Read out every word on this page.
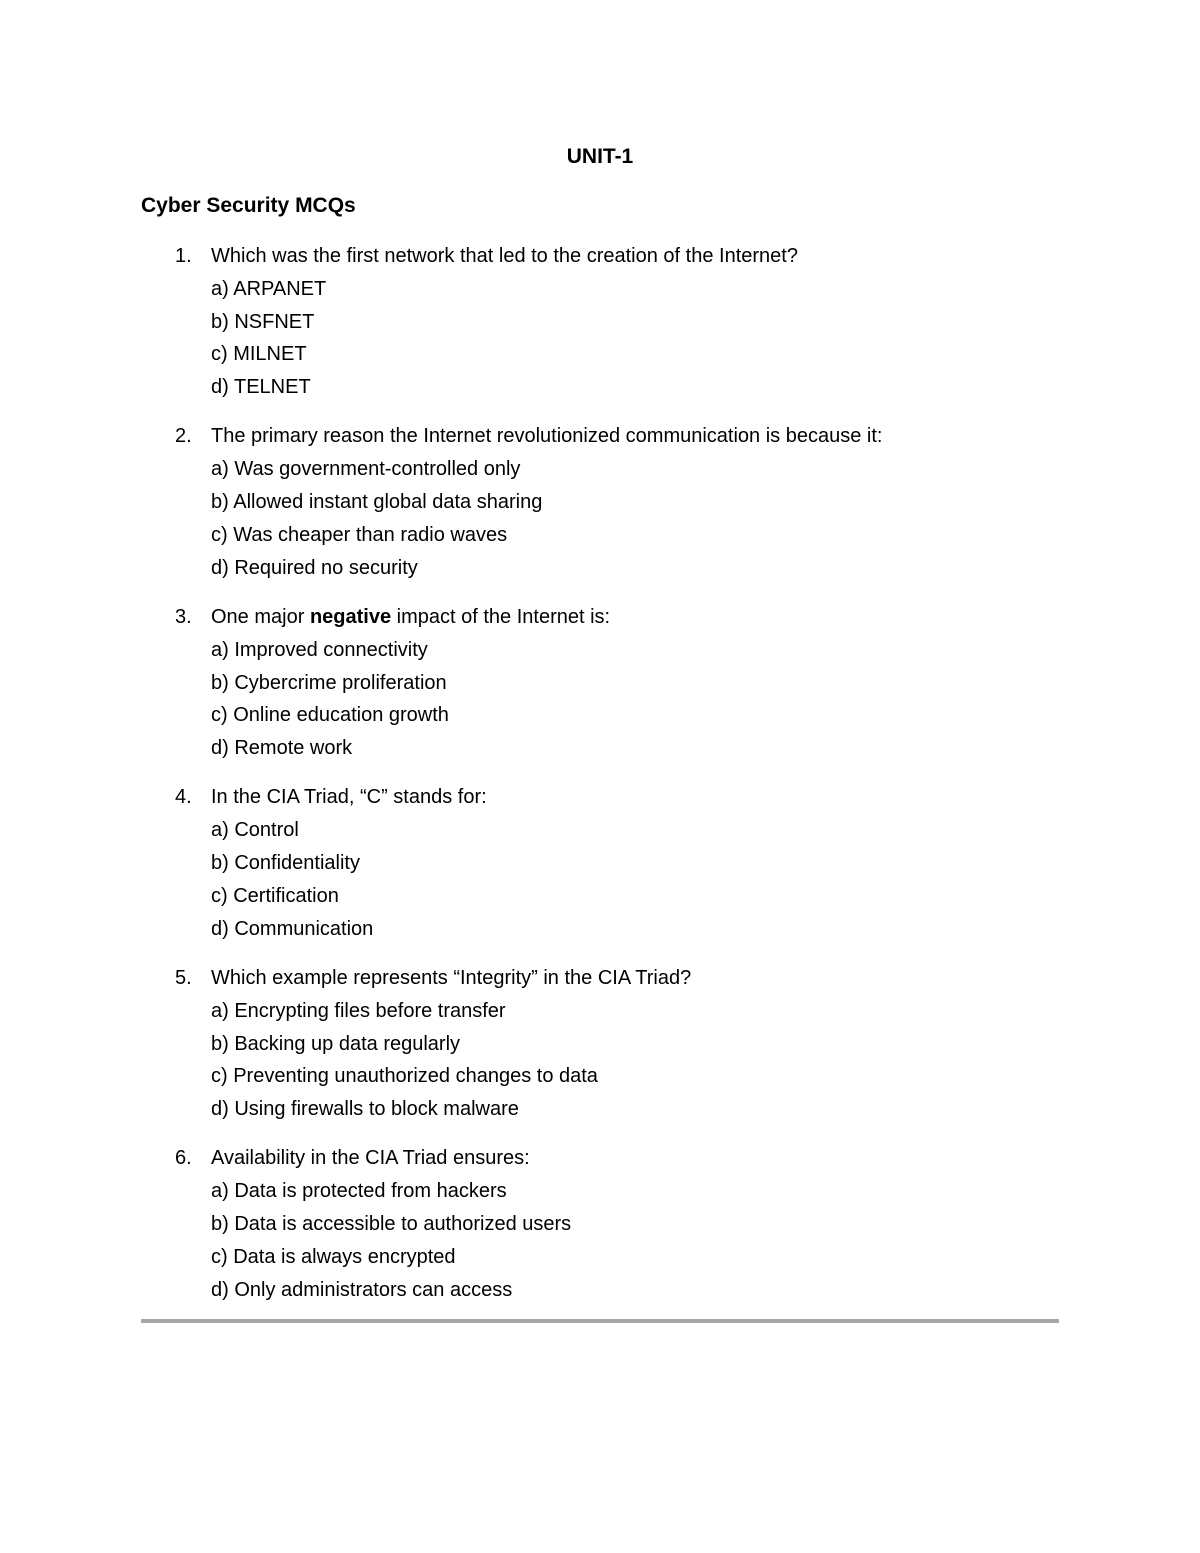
UNIT-1
Cyber Security MCQs
1. Which was the first network that led to the creation of the Internet?
a) ARPANET
b) NSFNET
c) MILNET
d) TELNET
2. The primary reason the Internet revolutionized communication is because it:
a) Was government-controlled only
b) Allowed instant global data sharing
c) Was cheaper than radio waves
d) Required no security
3. One major negative impact of the Internet is:
a) Improved connectivity
b) Cybercrime proliferation
c) Online education growth
d) Remote work
4. In the CIA Triad, “C” stands for:
a) Control
b) Confidentiality
c) Certification
d) Communication
5. Which example represents “Integrity” in the CIA Triad?
a) Encrypting files before transfer
b) Backing up data regularly
c) Preventing unauthorized changes to data
d) Using firewalls to block malware
6. Availability in the CIA Triad ensures:
a) Data is protected from hackers
b) Data is accessible to authorized users
c) Data is always encrypted
d) Only administrators can access
